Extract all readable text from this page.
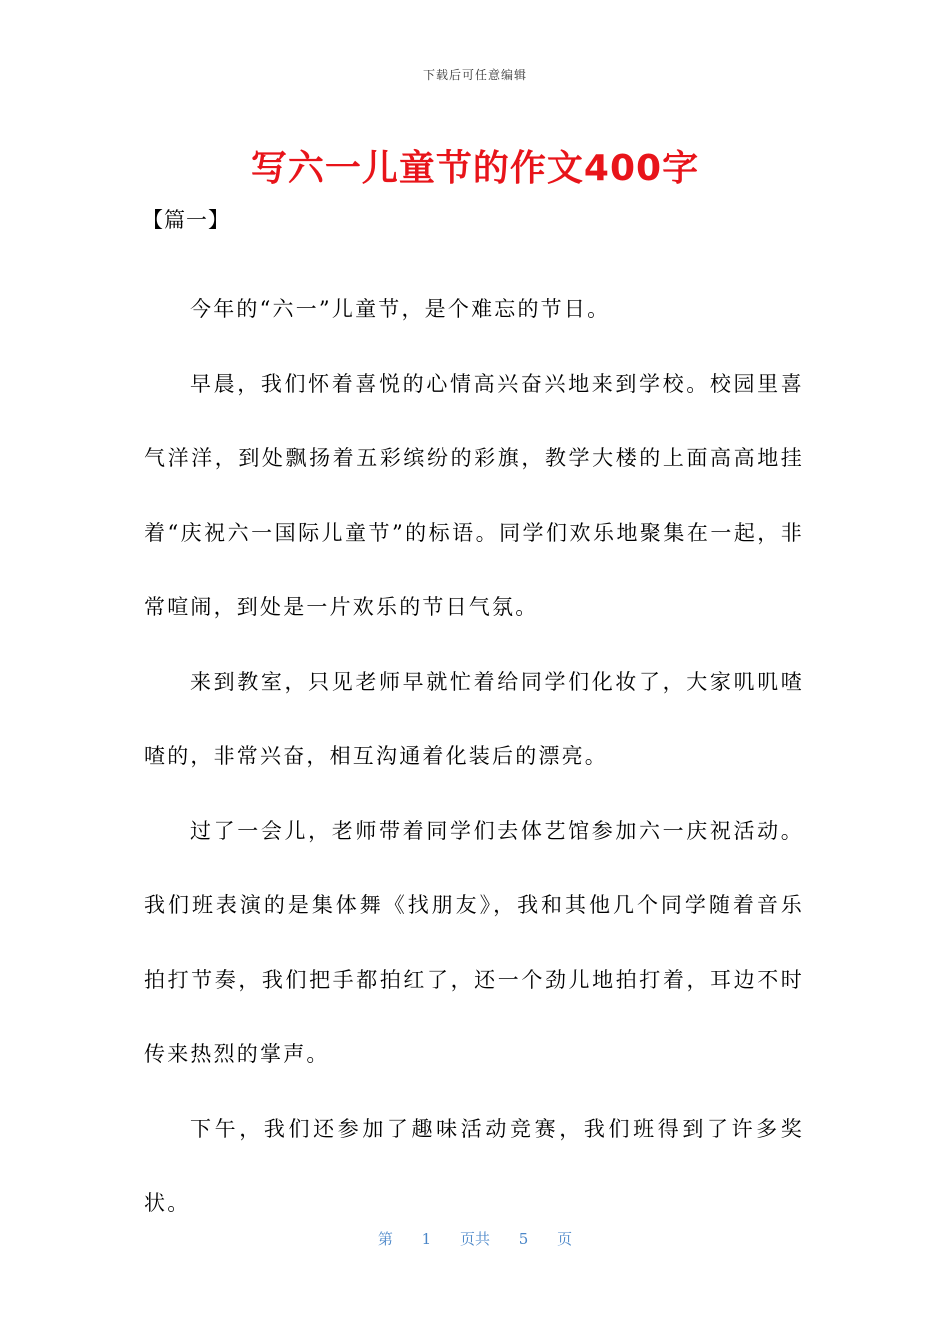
下载后可任意编辑
写六一儿童节的作文400字
【篇一】

今年的“六一”儿童节，是个难忘的节日。

早晨，我们怀着喜悦的心情高兴奋兴地来到学校。校园里喜气洋洋，到处飘扬着五彩缤纷的彩旗，教学大楼的上面高高地挂着“庆祝六一国际儿童节”的标语。同学们欢乐地聚集在一起，非常喧闹，到处是一片欢乐的节日气氛。

来到教室，只见老师早就忙着给同学们化妆了，大家叽叽喳喳的，非常兴奋，相互沟通着化装后的漂亮。

过了一会儿，老师带着同学们去体艺馆参加六一庆祝活动。我们班表演的是集体舞《找朋友》，我和其他几个同学随着音乐拍打节奏，我们把手都拍红了，还一个劲儿地拍打着，耳边不时传来热烈的掌声。

下午，我们还参加了趣味活动竞赛，我们班得到了许多奖状。

第 1 页共 5 页
